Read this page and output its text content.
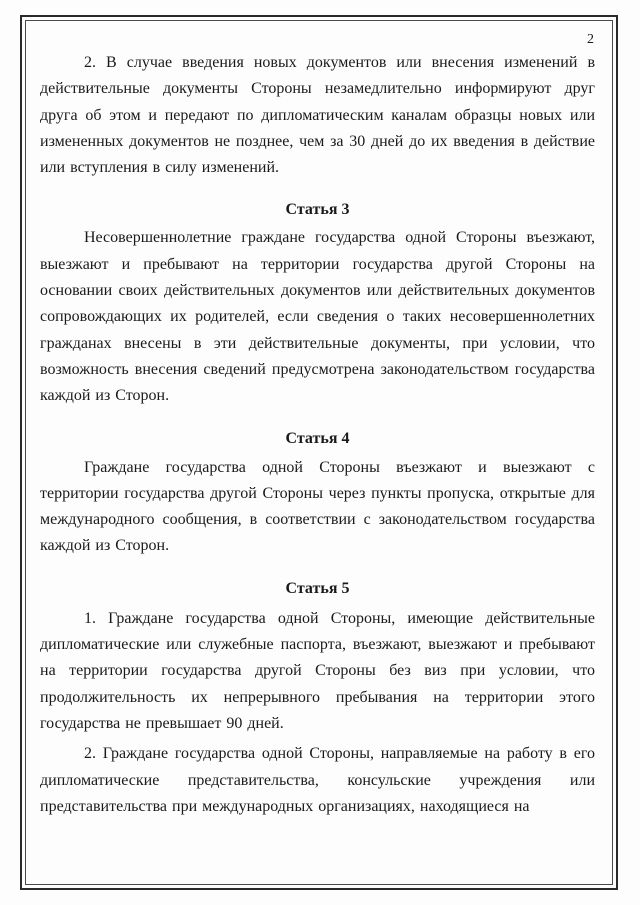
2

2. В случае введения новых документов или внесения изменений в действительные документы Стороны незамедлительно информируют друг друга об этом и передают по дипломатическим каналам образцы новых или измененных документов не позднее, чем за 30 дней до их введения в действие или вступления в силу изменений.

Статья 3

Несовершеннолетние граждане государства одной Стороны въезжают, выезжают и пребывают на территории государства другой Стороны на основании своих действительных документов или действительных документов сопровождающих их родителей, если сведения о таких несовершеннолетних гражданах внесены в эти действительные документы, при условии, что возможность внесения сведений предусмотрена законодательством государства каждой из Сторон.

Статья 4

Граждане государства одной Стороны въезжают и выезжают с территории государства другой Стороны через пункты пропуска, открытые для международного сообщения, в соответствии с законодательством государства каждой из Сторон.

Статья 5

1. Граждане государства одной Стороны, имеющие действительные дипломатические или служебные паспорта, въезжают, выезжают и пребывают на территории государства другой Стороны без виз при условии, что продолжительность их непрерывного пребывания на территории этого государства не превышает 90 дней.

2. Граждане государства одной Стороны, направляемые на работу в его дипломатические представительства, консульские учреждения или представительства при международных организациях, находящиеся на
